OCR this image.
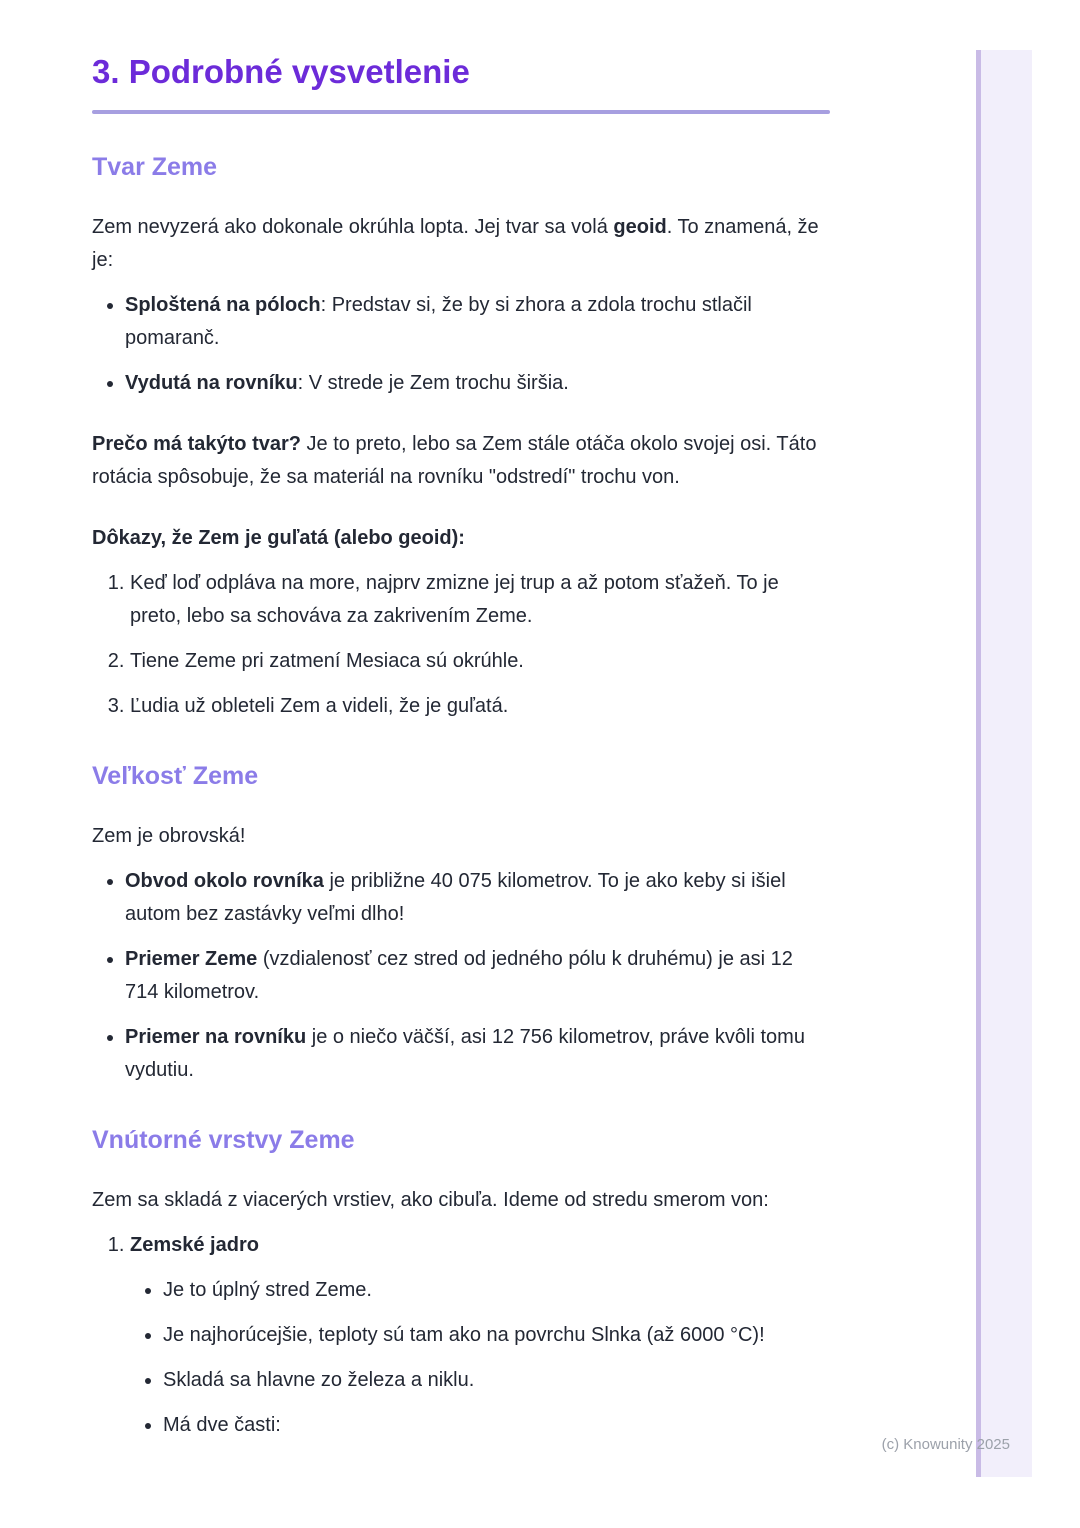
(c) Knowunity 2025
3. Podrobné vysvetlenie
Tvar Zeme

Zem nevyzerá ako dokonale okrúhla lopta. Jej tvar sa volá geoid. To znamená, že je:

• Sploštená na póloch: Predstav si, že by si zhora a zdola trochu stlačil pomaranč.
• Vydutá na rovníku: V strede je Zem trochu širšia.

Prečo má takýto tvar? Je to preto, lebo sa Zem stále otáča okolo svojej osi. Táto rotácia spôsobuje, že sa materiál na rovníku "odstredí" trochu von.

Dôkazy, že Zem je guľatá (alebo geoid):

1. Keď loď odpláva na more, najprv zmizne jej trup a až potom sťažeň. To je preto, lebo sa schováva za zakrivením Zeme.
2. Tiene Zeme pri zatmení Mesiaca sú okrúhle.
3. Ľudia už obleteli Zem a videli, že je guľatá.
Veľkosť Zeme

Zem je obrovská!

• Obvod okolo rovníka je približne 40 075 kilometrov. To je ako keby si išiel autom bez zastávky veľmi dlho!
• Priemer Zeme (vzdialenosť cez stred od jedného pólu k druhému) je asi 12 714 kilometrov.
• Priemer na rovníku je o niečo väčší, asi 12 756 kilometrov, práve kvôli tomu vydutiu.
Vnútorné vrstvy Zeme

Zem sa skladá z viacerých vrstiev, ako cibuľa. Ideme od stredu smerom von:

1. Zemské jadro
• Je to úplný stred Zeme.
• Je najhorúcejšie, teploty sú tam ako na povrchu Slnka (až 6000 °C)!
• Skladá sa hlavne zo železa a niklu.
• Má dve časti:
